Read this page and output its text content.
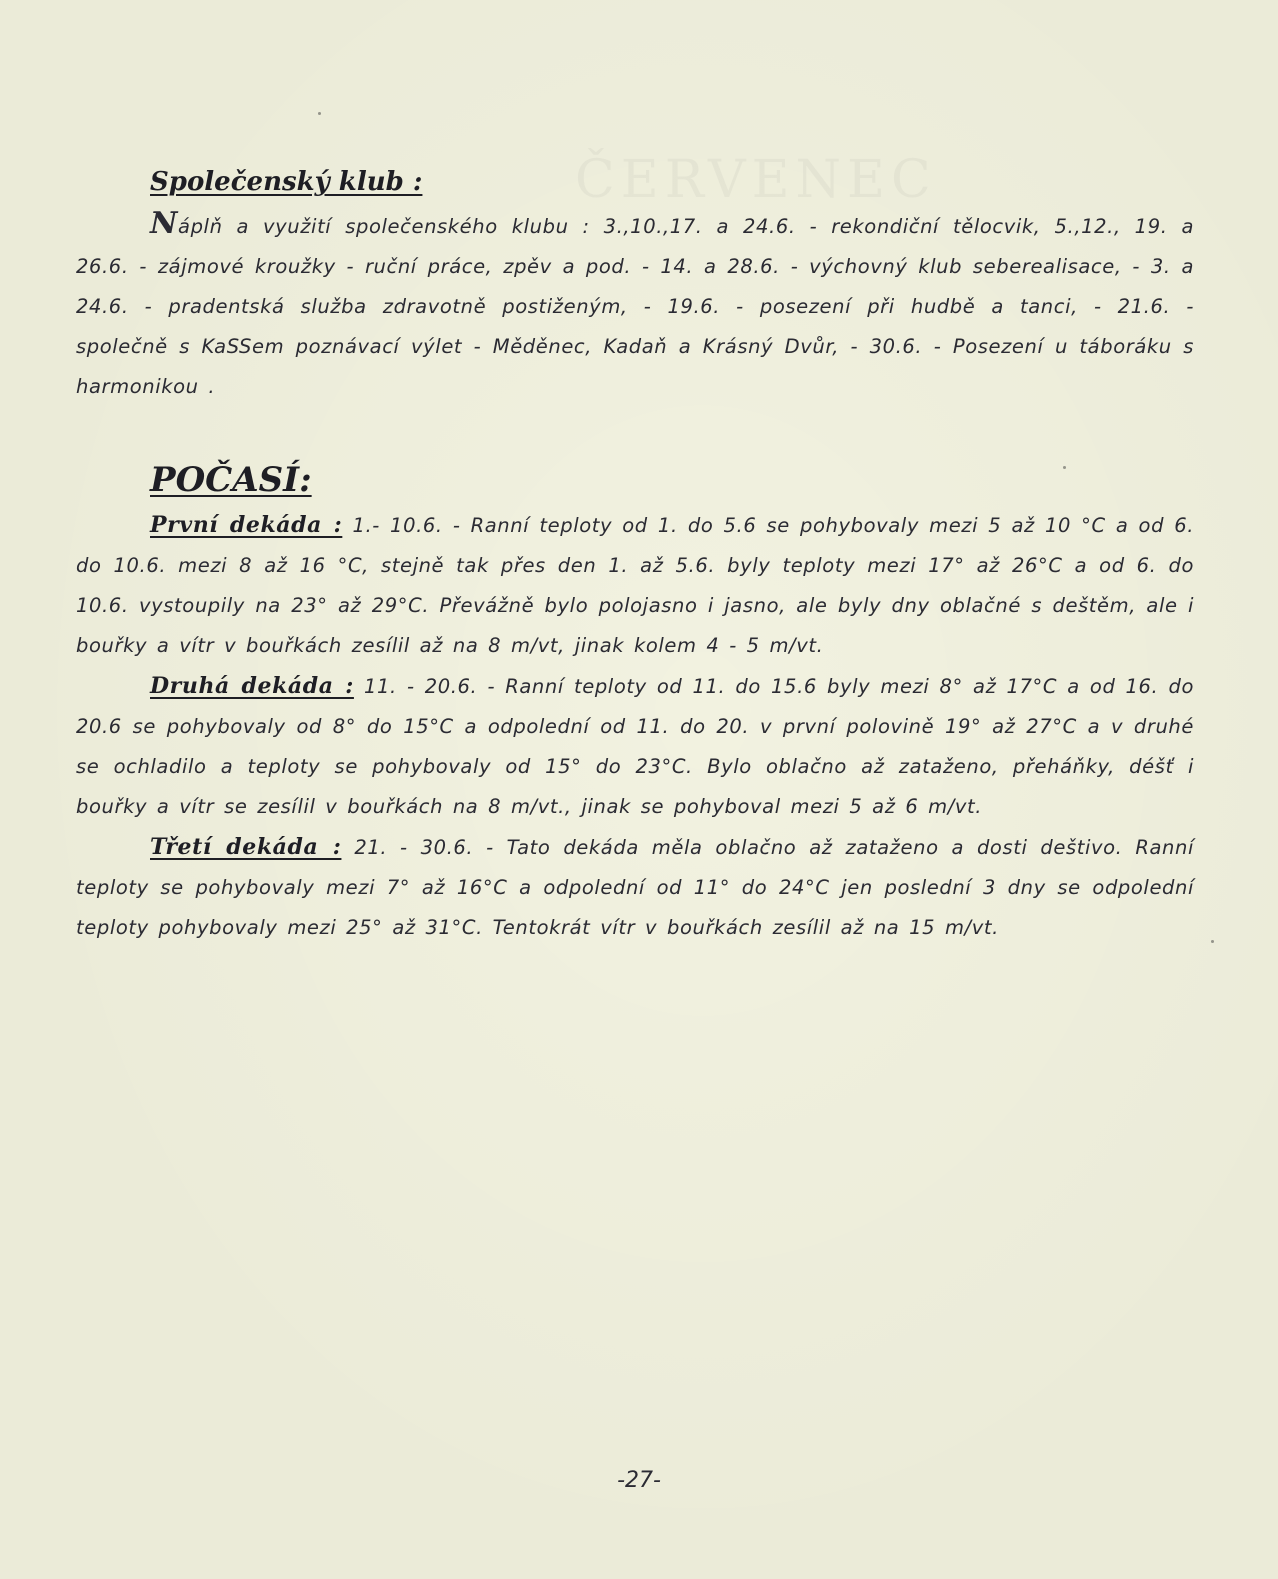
ČERVENEC
Společenský klub :

Náplň a využití společenského klubu : 3.,10.,17. a 24.6. - rekondiční tělocvik, 5.,12., 19. a 26.6. - zájmové kroužky - ruční práce, zpěv a pod. - 14. a 28.6. - výchovný klub seberealisace, - 3. a 24.6. - pradentská služba zdravotně postiženým, - 19.6. - posezení při hudbě a tanci, - 21.6. - společně s KaSSem poznávací výlet - Měděnec, Kadaň a Krásný Dvůr, - 30.6. - Posezení u táboráku s harmonikou .

POČASÍ:

První dekáda : 1.- 10.6. - Ranní teploty od 1. do 5.6 se pohybovaly mezi 5 až 10 °C a od 6. do 10.6. mezi 8 až 16 °C, stejně tak přes den 1. až 5.6. byly teploty mezi 17° až 26°C a od 6. do 10.6. vystoupily na 23° až 29°C. Převážně bylo polojasno i jasno, ale byly dny oblačné s deštěm, ale i bouřky a vítr v bouřkách zesílil až na 8 m/vt, jinak kolem 4 - 5 m/vt.

Druhá dekáda : 11. - 20.6. - Ranní teploty od 11. do 15.6 byly mezi 8° až 17°C a od 16. do 20.6 se pohybovaly od 8° do 15°C a odpolední od 11. do 20. v první polovině 19° až 27°C a v druhé se ochladilo a teploty se pohybovaly od 15° do 23°C. Bylo oblačno až zataženo, přeháňky, déšť i bouřky a vítr se zesílil v bouřkách na 8 m/vt., jinak se pohyboval mezi 5 až 6 m/vt.

Třetí dekáda : 21. - 30.6. - Tato dekáda měla oblačno až zataženo a dosti deštivo. Ranní teploty se pohybovaly mezi 7° až 16°C a odpolední od 11° do 24°C jen poslední 3 dny se odpolední teploty pohybovaly mezi 25° až 31°C. Tentokrát vítr v bouřkách zesílil až na 15 m/vt.

-27-
